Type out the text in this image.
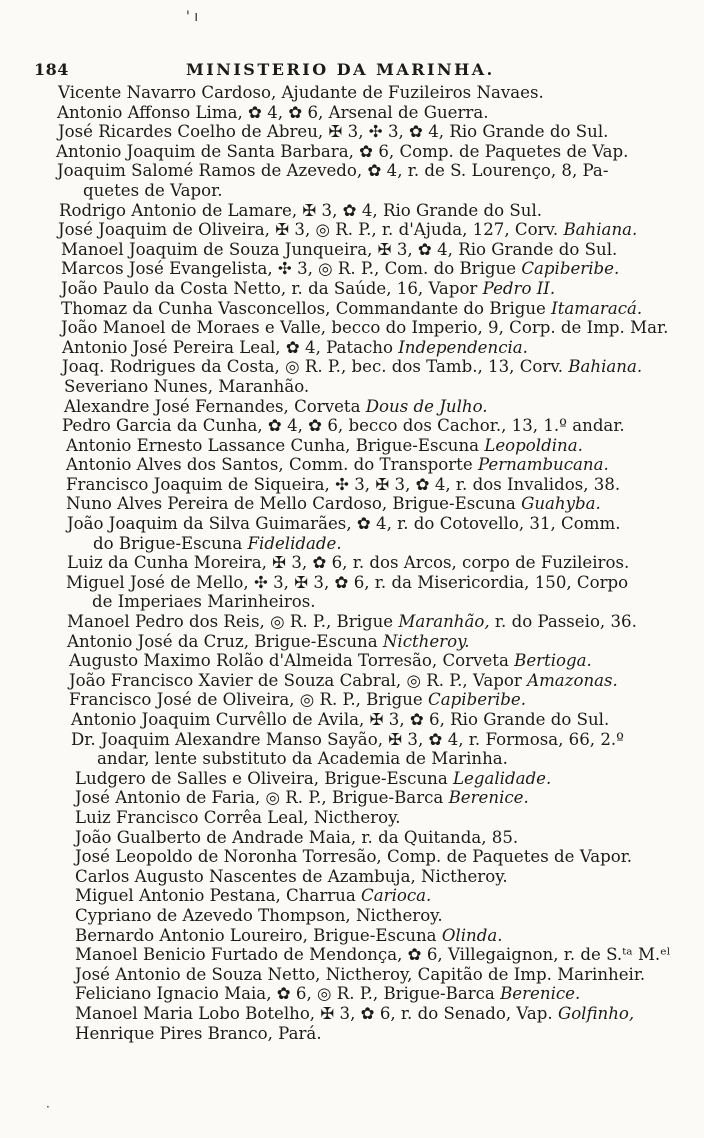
' ı
184	MINISTERIO DA MARINHA.
Vicente Navarro Cardoso, Ajudante de Fuzileiros Navaes.
Antonio Affonso Lima, ✿ 4, ✿ 6, Arsenal de Guerra.
José Ricardes Coelho de Abreu, ✠ 3, ✣ 3, ✿ 4, Rio Grande do Sul.
Antonio Joaquim de Santa Barbara, ✿ 6, Comp. de Paquetes de Vap.
Joaquim Salomé Ramos de Azevedo, ✿ 4, r. de S. Lourenço, 8, Pa-
quetes de Vapor.
Rodrigo Antonio de Lamare, ✠ 3, ✿ 4, Rio Grande do Sul.
José Joaquim de Oliveira, ✠ 3, ◎ R. P., r. d'Ajuda, 127, Corv. Bahiana.
Manoel Joaquim de Souza Junqueira, ✠ 3, ✿ 4, Rio Grande do Sul.
Marcos José Evangelista, ✣ 3, ◎ R. P., Com. do Brigue Capiberibe.
João Paulo da Costa Netto, r. da Saúde, 16, Vapor Pedro II.
Thomaz da Cunha Vasconcellos, Commandante do Brigue Itamaracá.
João Manoel de Moraes e Valle, becco do Imperio, 9, Corp. de Imp. Mar.
Antonio José Pereira Leal, ✿ 4, Patacho Independencia.
Joaq. Rodrigues da Costa, ◎ R. P., bec. dos Tamb., 13, Corv. Bahiana.
Severiano Nunes, Maranhão.
Alexandre José Fernandes, Corveta Dous de Julho.
Pedro Garcia da Cunha, ✿ 4, ✿ 6, becco dos Cachor., 13, 1.º andar.
Antonio Ernesto Lassance Cunha, Brigue-Escuna Leopoldina.
Antonio Alves dos Santos, Comm. do Transporte Pernambucana.
Francisco Joaquim de Siqueira, ✣ 3, ✠ 3, ✿ 4, r. dos Invalidos, 38.
Nuno Alves Pereira de Mello Cardoso, Brigue-Escuna Guahyba.
João Joaquim da Silva Guimarães, ✿ 4, r. do Cotovello, 31, Comm.
do Brigue-Escuna Fidelidade.
Luiz da Cunha Moreira, ✠ 3, ✿ 6, r. dos Arcos, corpo de Fuzileiros.
Miguel José de Mello, ✣ 3, ✠ 3, ✿ 6, r. da Misericordia, 150, Corpo
de Imperiaes Marinheiros.
Manoel Pedro dos Reis, ◎ R. P., Brigue Maranhão, r. do Passeio, 36.
Antonio José da Cruz, Brigue-Escuna Nictheroy.
Augusto Maximo Rolão d'Almeida Torresão, Corveta Bertioga.
João Francisco Xavier de Souza Cabral, ◎ R. P., Vapor Amazonas.
Francisco José de Oliveira, ◎ R. P., Brigue Capiberibe.
Antonio Joaquim Curvêllo de Avila, ✠ 3, ✿ 6, Rio Grande do Sul.
Dr. Joaquim Alexandre Manso Sayão, ✠ 3, ✿ 4, r. Formosa, 66, 2.º
andar, lente substituto da Academia de Marinha.
Ludgero de Salles e Oliveira, Brigue-Escuna Legalidade.
José Antonio de Faria, ◎ R. P., Brigue-Barca Berenice.
Luiz Francisco Corrêa Leal, Nictheroy.
João Gualberto de Andrade Maia, r. da Quitanda, 85.
José Leopoldo de Noronha Torresão, Comp. de Paquetes de Vapor.
Carlos Augusto Nascentes de Azambuja, Nictheroy.
Miguel Antonio Pestana, Charrua Carioca.
Cypriano de Azevedo Thompson, Nictheroy.
Bernardo Antonio Loureiro, Brigue-Escuna Olinda.
Manoel Benicio Furtado de Mendonça, ✿ 6, Villegaignon, r. de S.ᵗᵃ M.ᵉˡ
José Antonio de Souza Netto, Nictheroy, Capitão de Imp. Marinheir.
Feliciano Ignacio Maia, ✿ 6, ◎ R. P., Brigue-Barca Berenice.
Manoel Maria Lobo Botelho, ✠ 3, ✿ 6, r. do Senado, Vap. Golfinho,
Henrique Pires Branco, Pará.
·
